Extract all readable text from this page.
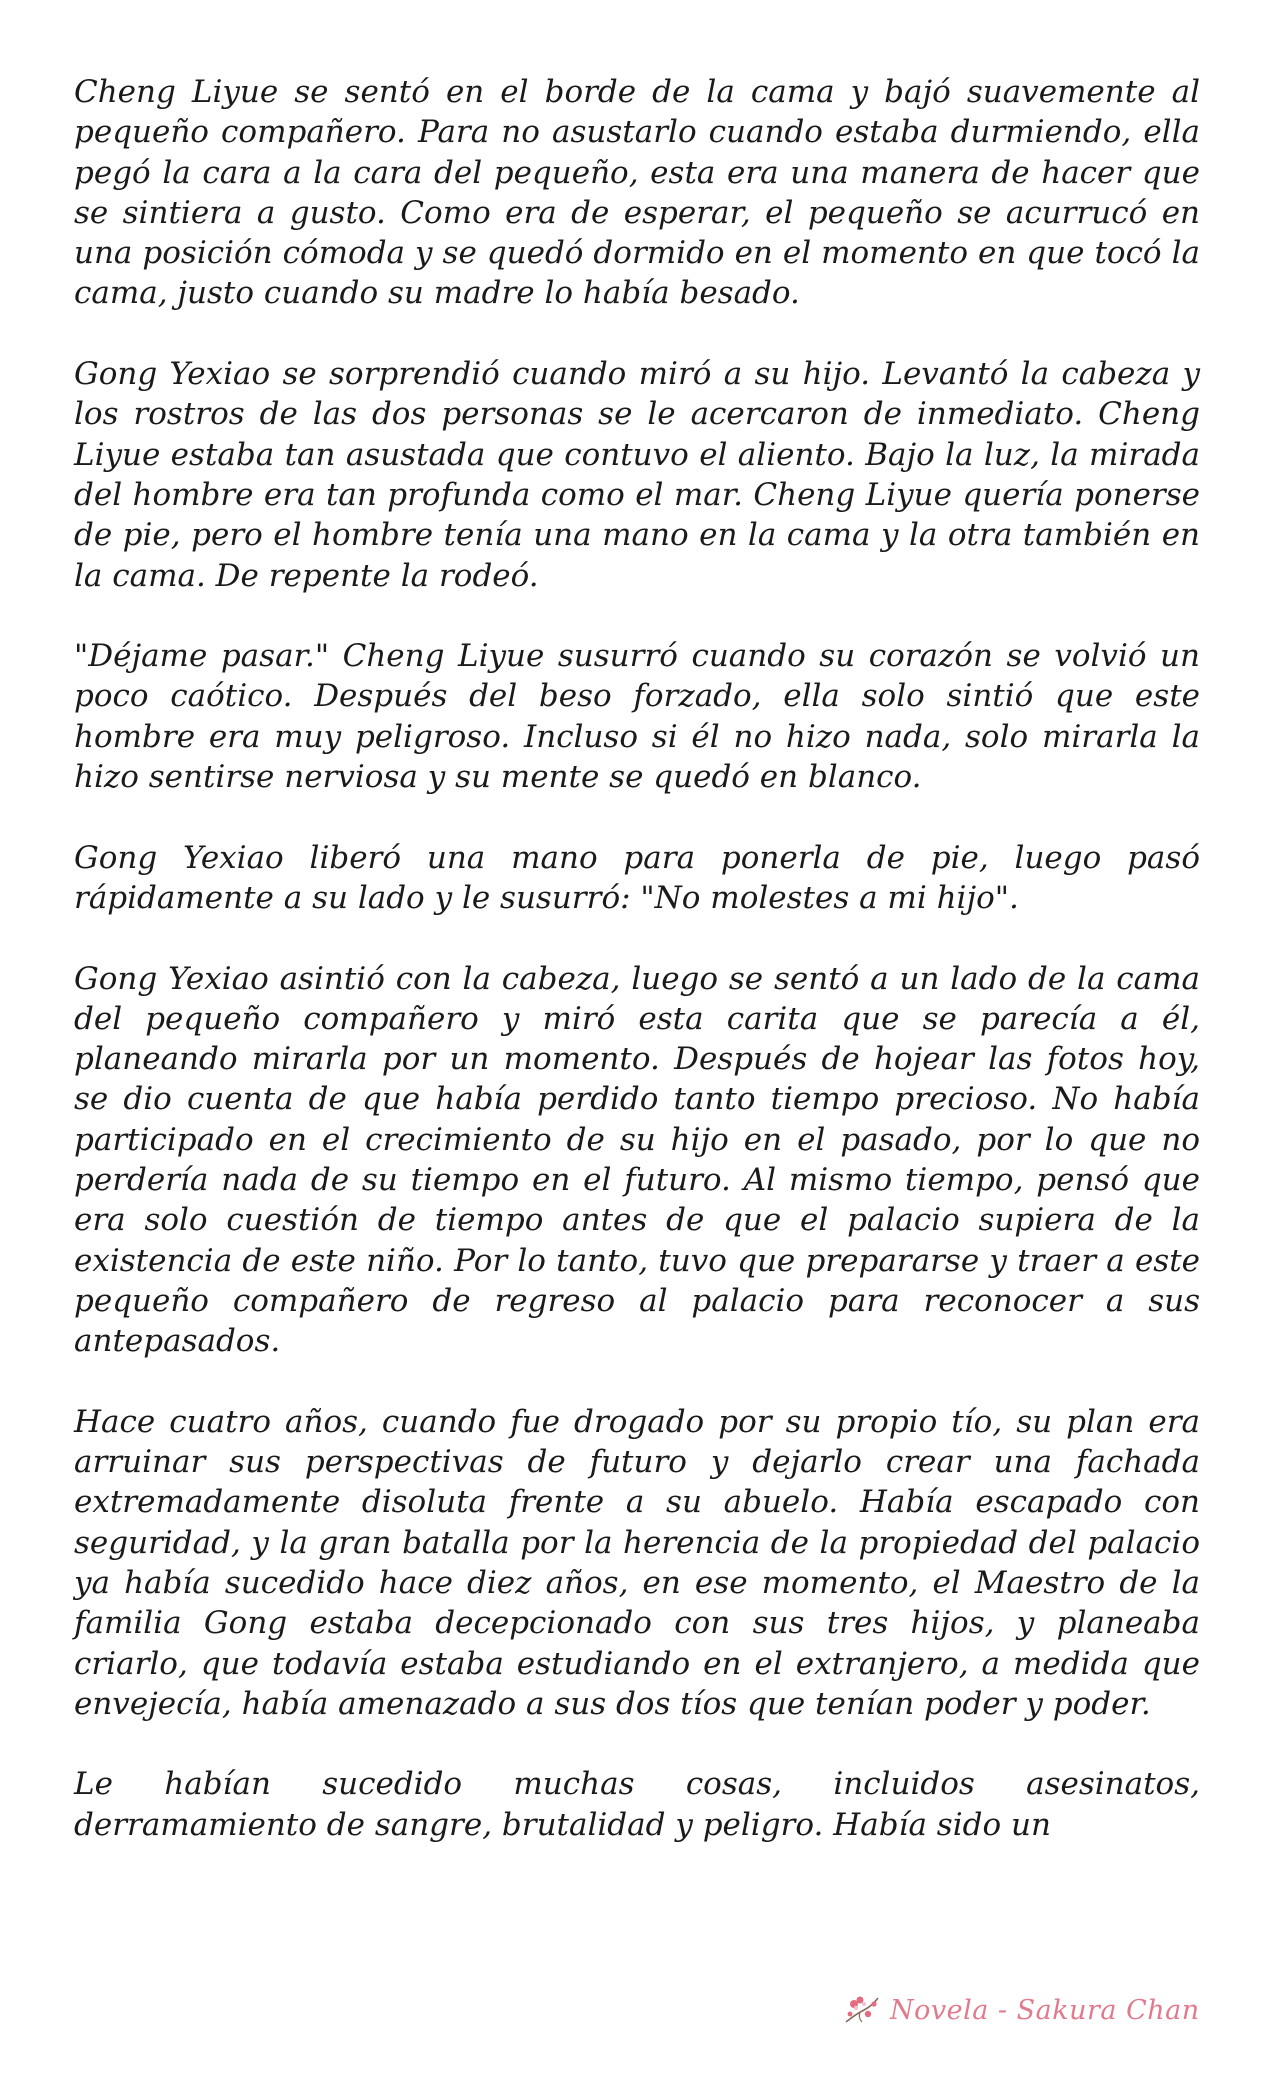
Cheng Liyue se sentó en el borde de la cama y bajó suavemente al pequeño compañero. Para no asustarlo cuando estaba durmiendo, ella pegó la cara a la cara del pequeño, esta era una manera de hacer que se sintiera a gusto. Como era de esperar, el pequeño se acurrucó en una posición cómoda y se quedó dormido en el momento en que tocó la cama, justo cuando su madre lo había besado.

Gong Yexiao se sorprendió cuando miró a su hijo. Levantó la cabeza y los rostros de las dos personas se le acercaron de inmediato. Cheng Liyue estaba tan asustada que contuvo el aliento. Bajo la luz, la mirada del hombre era tan profunda como el mar. Cheng Liyue quería ponerse de pie, pero el hombre tenía una mano en la cama y la otra también en la cama. De repente la rodeó.

"Déjame pasar." Cheng Liyue susurró cuando su corazón se volvió un poco caótico. Después del beso forzado, ella solo sintió que este hombre era muy peligroso. Incluso si él no hizo nada, solo mirarla la hizo sentirse nerviosa y su mente se quedó en blanco.

Gong Yexiao liberó una mano para ponerla de pie, luego pasó rápidamente a su lado y le susurró: "No molestes a mi hijo".

Gong Yexiao asintió con la cabeza, luego se sentó a un lado de la cama del pequeño compañero y miró esta carita que se parecía a él, planeando mirarla por un momento. Después de hojear las fotos hoy, se dio cuenta de que había perdido tanto tiempo precioso. No había participado en el crecimiento de su hijo en el pasado, por lo que no perdería nada de su tiempo en el futuro. Al mismo tiempo, pensó que era solo cuestión de tiempo antes de que el palacio supiera de la existencia de este niño. Por lo tanto, tuvo que prepararse y traer a este pequeño compañero de regreso al palacio para reconocer a sus antepasados.

Hace cuatro años, cuando fue drogado por su propio tío, su plan era arruinar sus perspectivas de futuro y dejarlo crear una fachada extremadamente disoluta frente a su abuelo. Había escapado con seguridad, y la gran batalla por la herencia de la propiedad del palacio ya había sucedido hace diez años, en ese momento, el Maestro de la familia Gong estaba decepcionado con sus tres hijos, y planeaba criarlo, que todavía estaba estudiando en el extranjero, a medida que envejecía, había amenazado a sus dos tíos que tenían poder y poder.

Le habían sucedido muchas cosas, incluidos asesinatos, derramamiento de sangre, brutalidad y peligro. Había sido un

Novela - Sakura Chan
